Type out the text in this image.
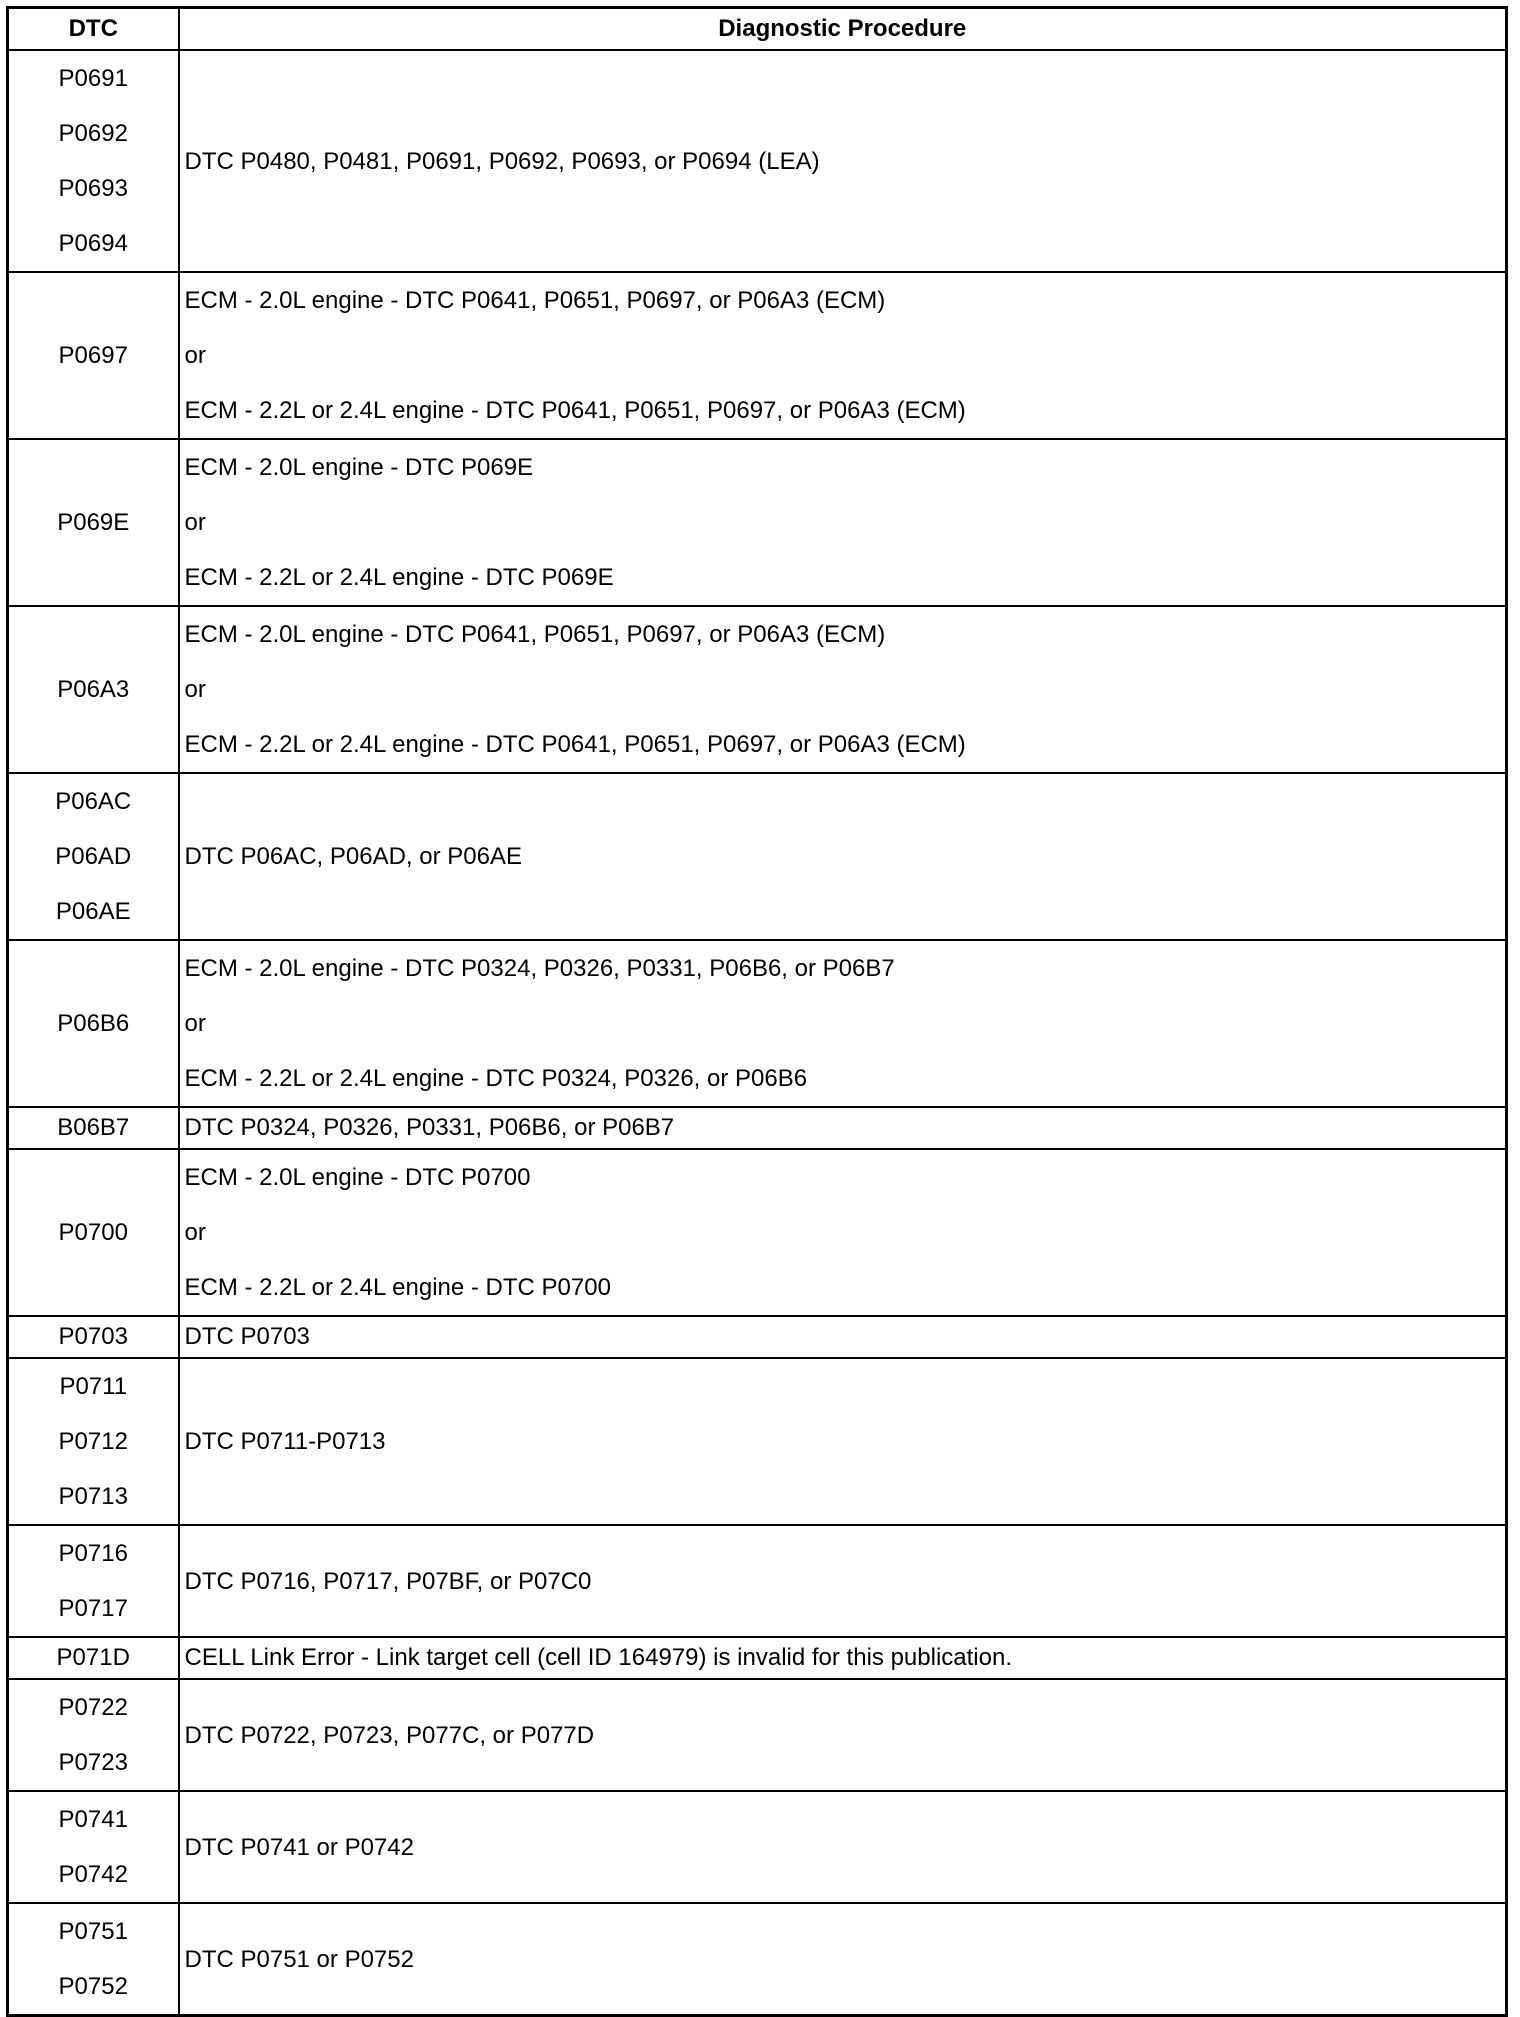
DTC	Diagnostic Procedure

P0691
P0692
P0693
P0694	DTC P0480, P0481, P0691, P0692, P0693, or P0694 (LEA)

P0697	ECM - 2.0L engine - DTC P0641, P0651, P0697, or P06A3 (ECM)
or
ECM - 2.2L or 2.4L engine - DTC P0641, P0651, P0697, or P06A3 (ECM)

P069E	ECM - 2.0L engine - DTC P069E
or
ECM - 2.2L or 2.4L engine - DTC P069E

P06A3	ECM - 2.0L engine - DTC P0641, P0651, P0697, or P06A3 (ECM)
or
ECM - 2.2L or 2.4L engine - DTC P0641, P0651, P0697, or P06A3 (ECM)

P06AC
P06AD
P06AE	DTC P06AC, P06AD, or P06AE

P06B6	ECM - 2.0L engine - DTC P0324, P0326, P0331, P06B6, or P06B7
or
ECM - 2.2L or 2.4L engine - DTC P0324, P0326, or P06B6

B06B7	DTC P0324, P0326, P0331, P06B6, or P06B7

P0700	ECM - 2.0L engine - DTC P0700
or
ECM - 2.2L or 2.4L engine - DTC P0700

P0703	DTC P0703

P0711
P0712
P0713	DTC P0711-P0713

P0716
P0717	DTC P0716, P0717, P07BF, or P07C0

P071D	CELL Link Error - Link target cell (cell ID 164979) is invalid for this publication.

P0722
P0723	DTC P0722, P0723, P077C, or P077D

P0741
P0742	DTC P0741 or P0742

P0751
P0752	DTC P0751 or P0752
